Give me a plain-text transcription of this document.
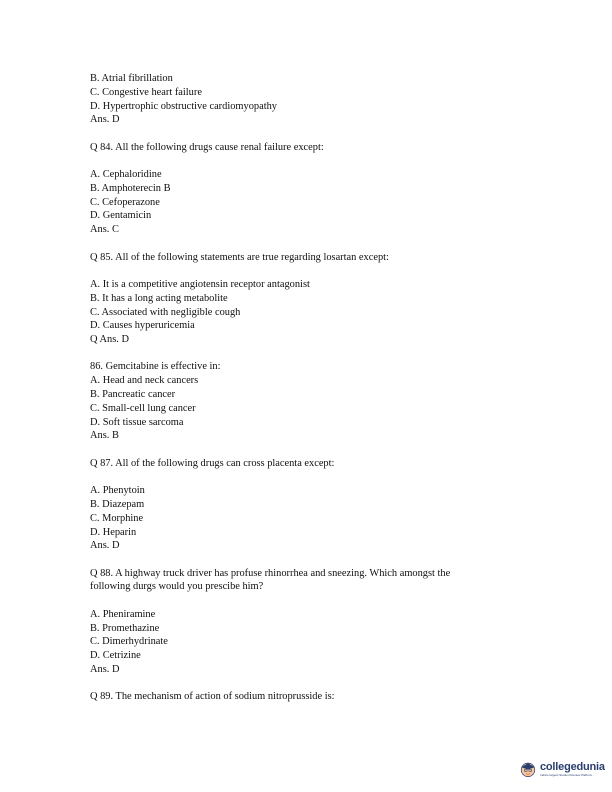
B. Atrial fibrillation
C. Congestive heart failure
D. Hypertrophic obstructive cardiomyopathy
Ans. D
Q 84. All the following drugs cause renal failure except:
A. Cephaloridine
B. Amphoterecin B
C. Cefoperazone
D. Gentamicin
Ans. C
Q 85. All of the following statements are true regarding losartan except:
A. It is a competitive angiotensin receptor antagonist
B. It has a long acting metabolite
C. Associated with negligible cough
D. Causes hyperuricemia
Q Ans. D
86. Gemcitabine is effective in:
A. Head and neck cancers
B. Pancreatic cancer
C. Small-cell lung cancer
D. Soft tissue sarcoma
Ans. B
Q 87. All of the following drugs can cross placenta except:
A. Phenytoin
B. Diazepam
C. Morphine
D. Heparin
Ans. D
Q 88. A highway truck driver has profuse rhinorrhea and sneezing. Which amongst the
following durgs would you prescibe him?
A. Pheniramine
B. Promethazine
C. Dimerhydrinate
D. Cetrizine
Ans. D
Q 89. The mechanism of action of sodium nitroprusside is:
collegedunia
India's largest Student Review Platform
